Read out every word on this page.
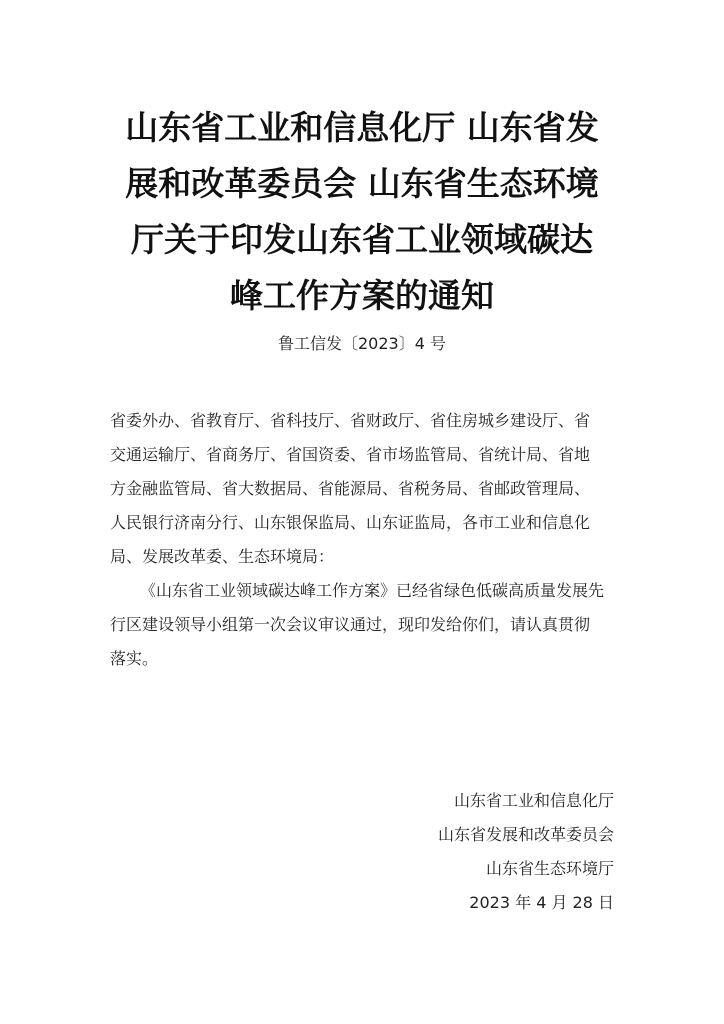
山东省工业和信息化厅 山东省发
展和改革委员会 山东省生态环境
厅关于印发山东省工业领域碳达
峰工作方案的通知
鲁工信发〔2023〕4 号
省委外办、省教育厅、省科技厅、省财政厅、省住房城乡建设厅、省
交通运输厅、省商务厅、省国资委、省市场监管局、省统计局、省地
方金融监管局、省大数据局、省能源局、省税务局、省邮政管理局、
人民银行济南分行、山东银保监局、山东证监局，各市工业和信息化
局、发展改革委、生态环境局：
《山东省工业领域碳达峰工作方案》已经省绿色低碳高质量发展先
行区建设领导小组第一次会议审议通过，现印发给你们，请认真贯彻
落实。
山东省工业和信息化厅
山东省发展和改革委员会
山东省生态环境厅
2023 年 4 月 28 日
